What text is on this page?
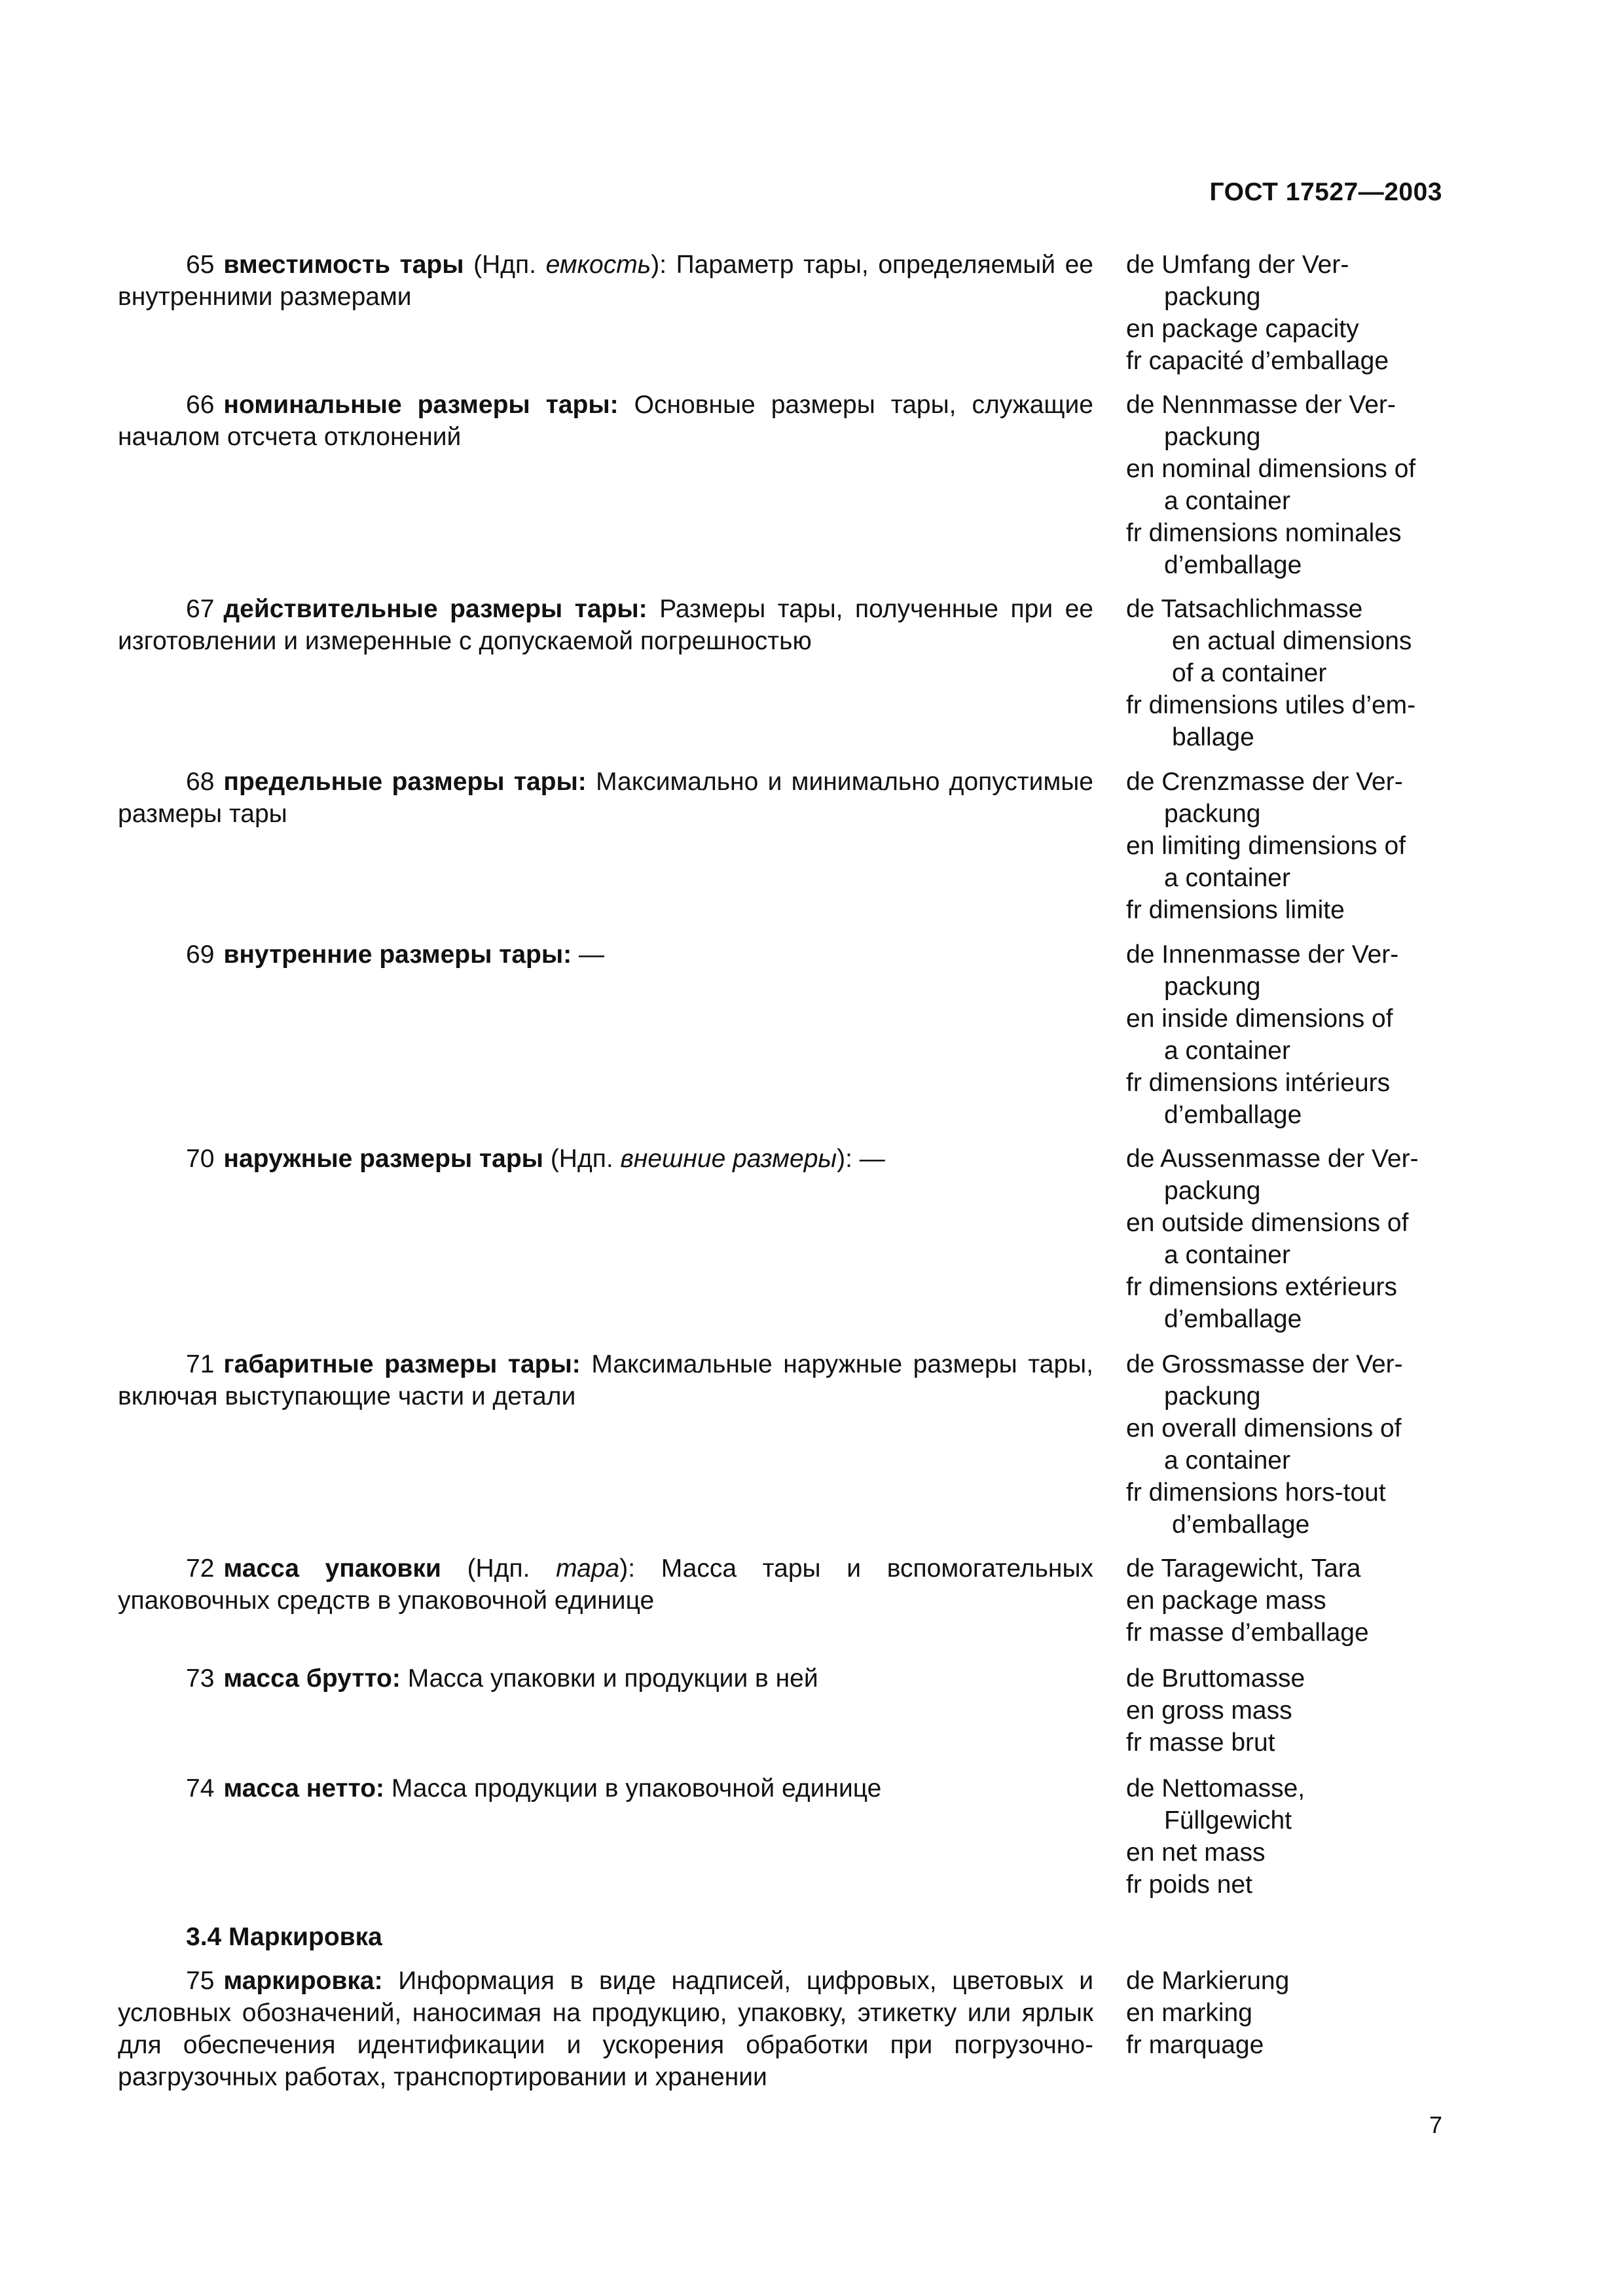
ГОСТ 17527—2003
65 вместимость тары (Ндп. емкость): Параметр тары, определяемый ее внутренними размерами
de Umfang der Ver-
packung
en package capacity
fr capacité d’emballage
66 номинальные размеры тары: Основные размеры тары, служащие началом отсчета отклонений
de Nennmasse der Ver-
packung
en nominal dimensions of
a container
fr dimensions nominales
d’emballage
67 действительные размеры тары: Размеры тары, полученные при ее изготовлении и измеренные с допускаемой погрешностью
de Tatsachlichmasse
en actual dimensions
of a container
fr dimensions utiles d’em-
ballage
68 предельные размеры тары: Максимально и минимально допустимые размеры тары
de Crenzmasse der Ver-
packung
en limiting dimensions of
a container
fr dimensions limite
69 внутренние размеры тары: —	de Innenmasse der Ver-
packung
en inside dimensions of
a container
fr dimensions intérieurs
d’emballage
70 наружные размеры тары (Ндп. внешние размеры): —	de Aussenmasse der Ver-
packung
en outside dimensions of
a container
fr dimensions extérieurs
d’emballage
71 габаритные размеры тары: Максимальные наружные размеры тары, включая выступающие части и детали
de Grossmasse der Ver-
packung
en overall dimensions of
a container
fr dimensions hors-tout
d’emballage
72 масса упаковки (Ндп. тара): Масса тары и вспомогательных упаковочных средств в упаковочной единице
de Taragewicht, Tara
en package mass
fr masse d’emballage
73 масса брутто: Масса упаковки и продукции в ней	de Bruttomasse
en gross mass
fr masse brut
74 масса нетто: Масса продукции в упаковочной единице	de Nettomasse,
Füllgewicht
en net mass
fr poids net
3.4 Маркировка
75 маркировка: Информация в виде надписей, цифровых, цветовых и условных обозначений, наносимая на продукцию, упаковку, этикетку или ярлык для обеспечения идентификации и ускорения обработки при погрузочно-разгрузочных работах, транспортировании и хранении
de Markierung
en marking
fr marquage
7
